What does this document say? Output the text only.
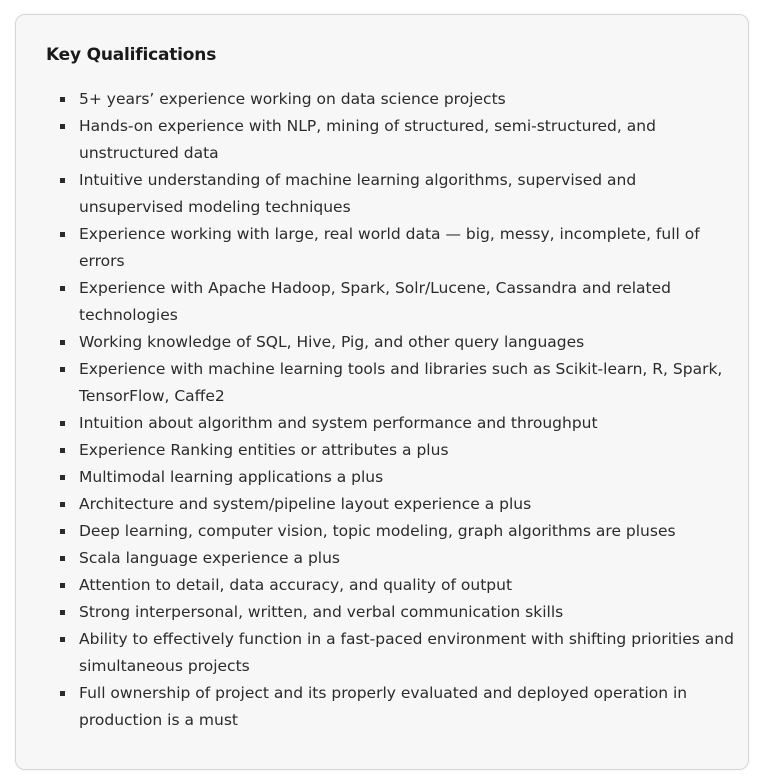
Key Qualifications
5+ years’ experience working on data science projects
Hands-on experience with NLP, mining of structured, semi-structured, and unstructured data
Intuitive understanding of machine learning algorithms, supervised and unsupervised modeling techniques
Experience working with large, real world data — big, messy, incomplete, full of errors
Experience with Apache Hadoop, Spark, Solr/Lucene, Cassandra and related technologies
Working knowledge of SQL, Hive, Pig, and other query languages
Experience with machine learning tools and libraries such as Scikit-learn, R, Spark, TensorFlow, Caffe2
Intuition about algorithm and system performance and throughput
Experience Ranking entities or attributes a plus
Multimodal learning applications a plus
Architecture and system/pipeline layout experience a plus
Deep learning, computer vision, topic modeling, graph algorithms are pluses
Scala language experience a plus
Attention to detail, data accuracy, and quality of output
Strong interpersonal, written, and verbal communication skills
Ability to effectively function in a fast-paced environment with shifting priorities and simultaneous projects
Full ownership of project and its properly evaluated and deployed operation in production is a must
